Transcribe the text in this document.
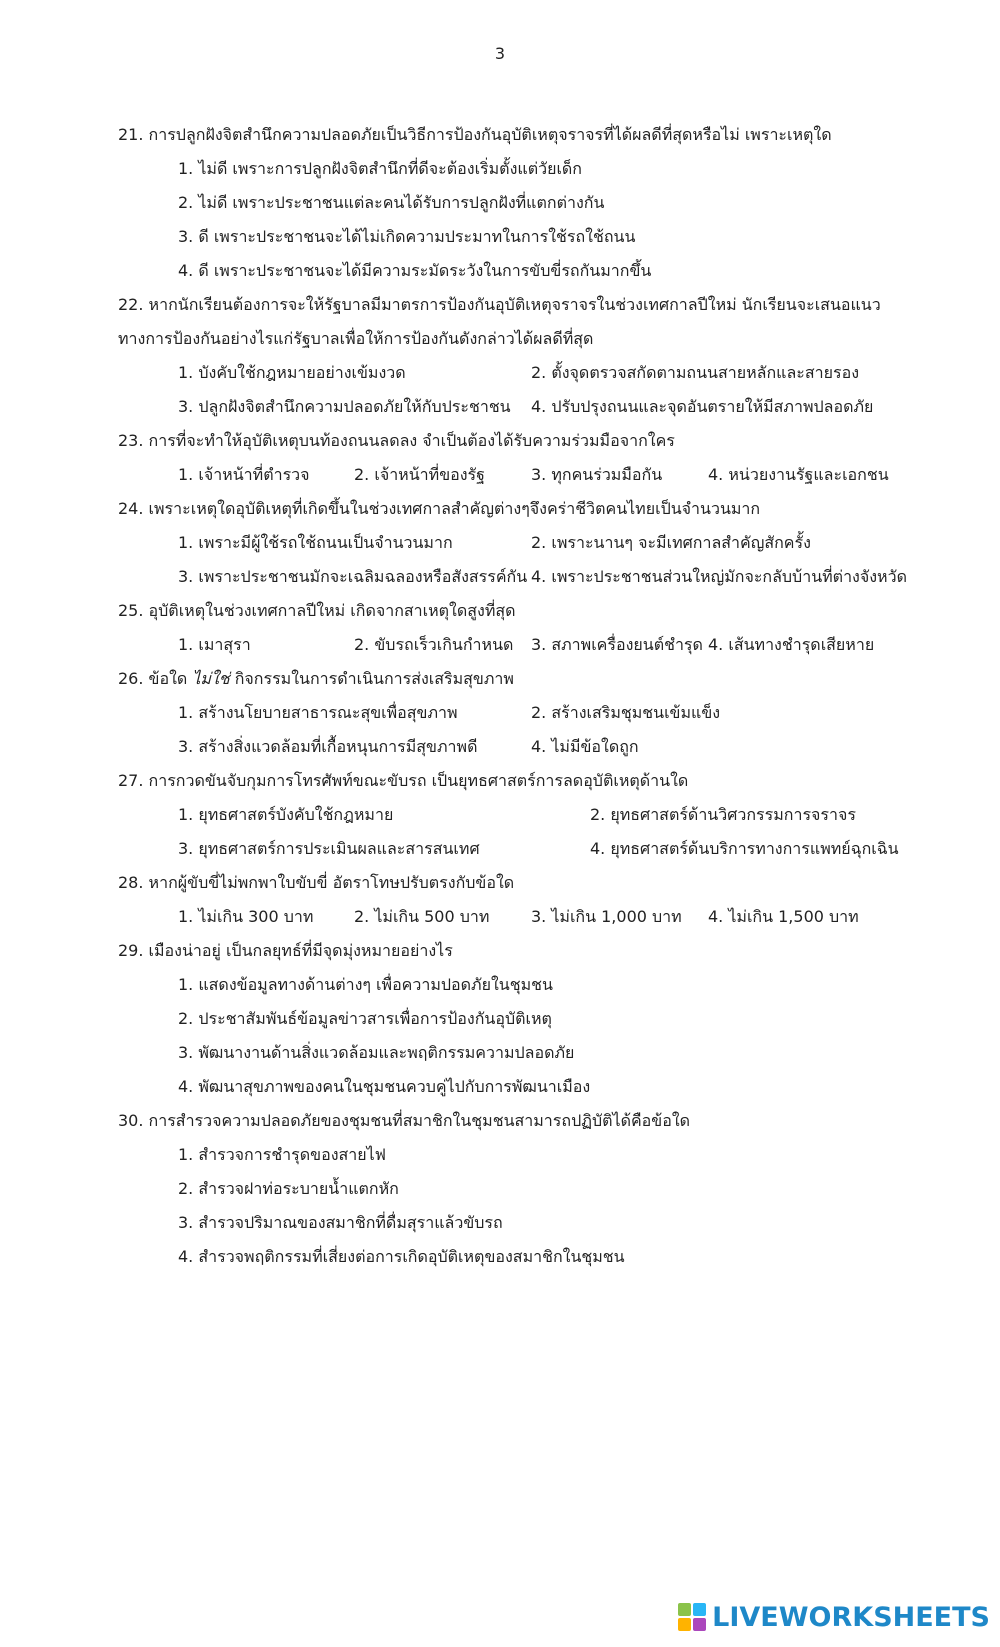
3
21. การปลูกฝังจิตสำนึกความปลอดภัยเป็นวิธีการป้องกันอุบัติเหตุจราจรที่ได้ผลดีที่สุดหรือไม่ เพราะเหตุใด
1. ไม่ดี เพราะการปลูกฝังจิตสำนึกที่ดีจะต้องเริ่มตั้งแต่วัยเด็ก
2. ไม่ดี เพราะประชาชนแต่ละคนได้รับการปลูกฝังที่แตกต่างกัน
3. ดี เพราะประชาชนจะได้ไม่เกิดความประมาทในการใช้รถใช้ถนน
4. ดี เพราะประชาชนจะได้มีความระมัดระวังในการขับขี่รถกันมากขึ้น
22. หากนักเรียนต้องการจะให้รัฐบาลมีมาตรการป้องกันอุบัติเหตุจราจรในช่วงเทศกาลปีใหม่ นักเรียนจะเสนอแนว
ทางการป้องกันอย่างไรแก่รัฐบาลเพื่อให้การป้องกันดังกล่าวได้ผลดีที่สุด
1. บังคับใช้กฎหมายอย่างเข้มงวด	2. ตั้งจุดตรวจสกัดตามถนนสายหลักและสายรอง
3. ปลูกฝังจิตสำนึกความปลอดภัยให้กับประชาชน	4. ปรับปรุงถนนและจุดอันตรายให้มีสภาพปลอดภัย
23. การที่จะทำให้อุบัติเหตุบนท้องถนนลดลง จำเป็นต้องได้รับความร่วมมือจากใคร
1. เจ้าหน้าที่ตำรวจ	2. เจ้าหน้าที่ของรัฐ	3. ทุกคนร่วมมือกัน	4. หน่วยงานรัฐและเอกชน
24. เพราะเหตุใดอุบัติเหตุที่เกิดขึ้นในช่วงเทศกาลสำคัญต่างๆจึงคร่าชีวิตคนไทยเป็นจำนวนมาก
1. เพราะมีผู้ใช้รถใช้ถนนเป็นจำนวนมาก	2. เพราะนานๆ จะมีเทศกาลสำคัญสักครั้ง
3. เพราะประชาชนมักจะเฉลิมฉลองหรือสังสรรค์กัน 4. เพราะประชาชนส่วนใหญ่มักจะกลับบ้านที่ต่างจังหวัด
25. อุบัติเหตุในช่วงเทศกาลปีใหม่ เกิดจากสาเหตุใดสูงที่สุด
1. เมาสุรา	2. ขับรถเร็วเกินกำหนด	3. สภาพเครื่องยนต์ชำรุด 4. เส้นทางชำรุดเสียหาย
26. ข้อใด ไม่ใช่ กิจกรรมในการดำเนินการส่งเสริมสุขภาพ
1. สร้างนโยบายสาธารณะสุขเพื่อสุขภาพ	2. สร้างเสริมชุมชนเข้มแข็ง
3. สร้างสิ่งแวดล้อมที่เกื้อหนุนการมีสุขภาพดี	4. ไม่มีข้อใดถูก
27. การกวดขันจับกุมการโทรศัพท์ขณะขับรถ เป็นยุทธศาสตร์การลดอุบัติเหตุด้านใด
1. ยุทธศาสตร์บังคับใช้กฎหมาย	2. ยุทธศาสตร์ด้านวิศวกรรมการจราจร
3. ยุทธศาสตร์การประเมินผลและสารสนเทศ	4. ยุทธศาสตร์ด้นบริการทางการแพทย์ฉุกเฉิน
28. หากผู้ขับขี่ไม่พกพาใบขับขี่ อัตราโทษปรับตรงกับข้อใด
1. ไม่เกิน 300 บาท	2. ไม่เกิน 500 บาท	3. ไม่เกิน 1,000 บาท	4. ไม่เกิน 1,500 บาท
29. เมืองน่าอยู่ เป็นกลยุทธ์ที่มีจุดมุ่งหมายอย่างไร
1. แสดงข้อมูลทางด้านต่างๆ เพื่อความปอดภัยในชุมชน
2. ประชาสัมพันธ์ข้อมูลข่าวสารเพื่อการป้องกันอุบัติเหตุ
3. พัฒนางานด้านสิ่งแวดล้อมและพฤติกรรมความปลอดภัย
4. พัฒนาสุขภาพของคนในชุมชนควบคู่ไปกับการพัฒนาเมือง
30. การสำรวจความปลอดภัยของชุมชนที่สมาชิกในชุมชนสามารถปฏิบัติได้คือข้อใด
1. สำรวจการชำรุดของสายไฟ
2. สำรวจฝาท่อระบายน้ำแตกหัก
3. สำรวจปริมาณของสมาชิกที่ดื่มสุราแล้วขับรถ
4. สำรวจพฤติกรรมที่เสี่ยงต่อการเกิดอุบัติเหตุของสมาชิกในชุมชน
LIVEWORKSHEETS
